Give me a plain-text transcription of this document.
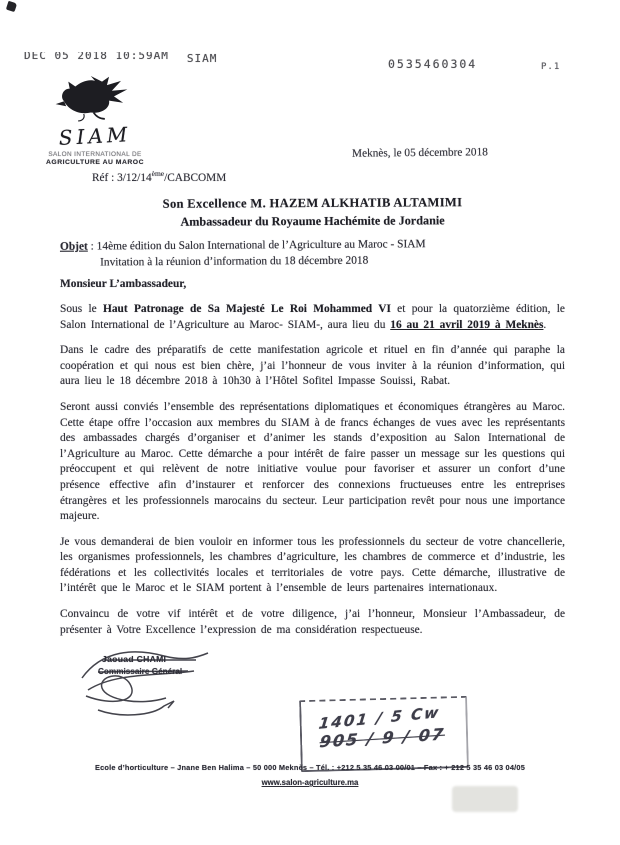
DEC 05 2018 10:59AM SIAM	0535460304	P.1
SIAM
SALON INTERNATIONAL DE
AGRICULTURE AU MAROC
Meknès, le 05 décembre 2018
Réf : 3/12/14ème/CABCOMM
Son Excellence M. HAZEM ALKHATIB ALTAMIMI
Ambassadeur du Royaume Hachémite de Jordanie
Objet : 14ème édition du Salon International de l’Agriculture au Maroc - SIAM
Invitation à la réunion d’information du 18 décembre 2018
Monsieur L’ambassadeur,

Sous le Haut Patronage de Sa Majesté Le Roi Mohammed VI et pour la quatorzième édition, le Salon International de l’Agriculture au Maroc- SIAM-, aura lieu du 16 au 21 avril 2019 à Meknès.

Dans le cadre des préparatifs de cette manifestation agricole et rituel en fin d’année qui paraphe la coopération et qui nous est bien chère, j’ai l’honneur de vous inviter à la réunion d’information, qui aura lieu le 18 décembre 2018 à 10h30 à l’Hôtel Sofitel Impasse Souissi, Rabat.

Seront aussi conviés l’ensemble des représentations diplomatiques et économiques étrangères au Maroc. Cette étape offre l’occasion aux membres du SIAM à de francs échanges de vues avec les représentants des ambassades chargés d’organiser et d’animer les stands d’exposition au Salon International de l’Agriculture au Maroc. Cette démarche a pour intérêt de faire passer un message sur les questions qui préoccupent et qui relèvent de notre initiative voulue pour favoriser et assurer un confort d’une présence effective afin d’instaurer et renforcer des connexions fructueuses entre les entreprises étrangères et les professionnels marocains du secteur. Leur participation revêt pour nous une importance majeure.

Je vous demanderai de bien vouloir en informer tous les professionnels du secteur de votre chancellerie, les organismes professionnels, les chambres d’agriculture, les chambres de commerce et d’industrie, les fédérations et les collectivités locales et territoriales de votre pays. Cette démarche, illustrative de l’intérêt que le Maroc et le SIAM portent à l’ensemble de leurs partenaires internationaux.

Convaincu de votre vif intérêt et de votre diligence, j’ai l’honneur, Monsieur l’Ambassadeur, de présenter à Votre Excellence l’expression de ma considération respectueuse.

Jaouad CHAMI
Commissaire Général
1401 / 5 Cw
905 / 9 / 07
Ecole d’horticulture – Jnane Ben Halima – 50 000 Meknès – Tél. : +212 5 35 46 03 00/01 – Fax : + 212 5 35 46 03 04/05
www.salon-agriculture.ma
